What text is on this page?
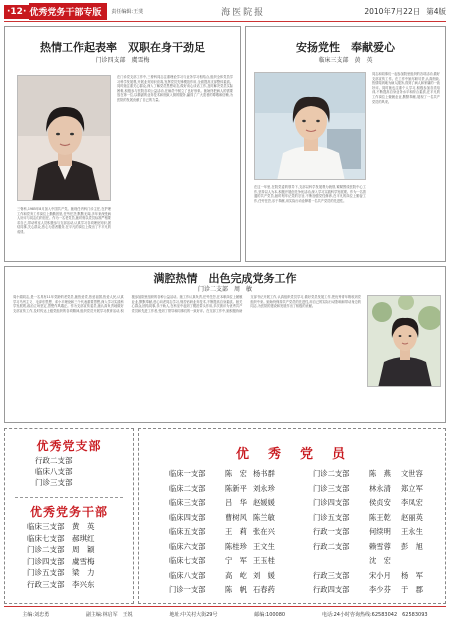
·12· 优秀党务干部专版	责任编辑:王斐	海医院报	2010年7月22日 第4版
热情工作起表率　双职在身干劲足
门诊四支部　虞雪梅
三脊科,1985年8月加入中国共产党。她现任内科门诊主任,在护理工作和党务工作岗位上勤勤恳恳,任劳任怨,默默无闻,多年来深受病人好评与同志们的信任。作为一名老党员,她时刻以党员标准严格要求自己,带动科室人员积极参与支部活动,认真学习各项理论知识,团结同事,关心群众,热心为患者服务,在平凡的岗位上做出了不平凡的成绩。
在门诊党支部工作中,三脊科同志注重理论学习与业务学习相结合,组织全体党员学习科学发展观,开展业务知识竞赛,发挥党员先锋模范作用,全面提高支部整体素质。同时她注重关心群众,深入了解党员思想动态,做好谈心谈话工作,及时解决党员实际困难,积极参与医院各项公益活动,在病员中树立了良好形象。她始终把病人的需要放在第一位,以精湛的业务技术和细致入微的服务,赢得了广大患者的尊敬和信赖,为医院的发展贡献了自己的力量。
安扬党性　奉献爱心
临床三支部　黄　英
同志和同事们一起参加院里组织的各项活动,做好支部宣传工作。在工作中她尽职尽责,认真细致,热情周到地为病人服务,得到了病人和家属的一致好评。同时她也注重个人学习,积极参加各类培训,不断提高自身业务水平和综合素质,在平凡的工作岗位上兢兢业业,默默奉献,展现了一名共产党员的风采。
在这一年里,在院党委的领导下,支部以科学发展观为统领,紧紧围绕医院中心工作,坚持以人为本,积极开展创先争优活动,深入学习实践科学发展观。作为一名普通的共产党员,她时刻牢记党的宗旨,不断加强党性修养,在平凡的岗位上勤奋工作,任劳任怨,乐于奉献,用实际行动诠释着一名共产党员的先进性。
满腔热情　出色完成党务工作
门诊二支部　周　敏
周小娟同志,是一名具有11年党龄的老党员,她热爱党,热爱祖国,热爱人民,认真学习马列主义、毛泽东思想、邓小平理论和三个代表重要思想,深入学习实践科学发展观,政治立场坚定,思想作风端正。作为支部宣传委员,她认真负责地做好支部宣传工作,及时传达上级党组织的各项精神,组织党员开展学习教育活动,积极参加院里组织的各种公益活动。她工作认真负责,任劳任怨,在本职岗位上兢兢业业,默默奉献,虚心向老同志学习,刻苦钻研业务技术,不断提高自身素质。她关心群众,团结同事,乐于助人,在科室中起到了模范带头作用,多次被评为优秀共产党员和先进工作者,受到了领导和同事们的一致好评。在支部工作中,她积极协助支部书记开展工作,认真组织党员学习,做好党员发展工作,把优秀青年吸收到党组织中来。她始终保持共产党员的先进性,用自己的实际行动影响和带动身边的同志,为医院的建设和发展作出了积极的贡献。
优秀党支部
行政二支部
临床八支部
门诊三支部
优秀党务干部
临床三支部　黄　英
临床七支部　郝琪红
门诊二支部　周　颖
门诊四支部　虞雪梅
门诊五支部　梁　力
行政三支部　李兴东
优　秀　党　员
临床一支部	陈　宏 杨书群	门诊二支部	陈　燕 文世容
临床二支部	陈新平 刘永珍	门诊三支部	林永清 郑立军
临床三支部	吕　华 赵媛媛	门诊四支部	侯贞安 李凤宏
临床四支部	曹树风 陈兰敏	门诊五支部	陈王乾 赵丽英
临床五支部	王　莉 张在兴	行政一支部	何续明 王永生
临床六支部	陈桂珍 王文生	行政二支部	赖雪蓉 彭　旭
临床七支部	宁　军 王玉桂	沈　宏
临床八支部	高　屹 刘　媛	行政三支部	宋小月 杨　军
门诊一支部	陈　帆 石春药	行政四支部	李少芬 于　郡
主编:刘忠勇	副主编:林启军　王锐	地址:中关村大街29号	邮编:100080	电话:24小时咨询热线:62583042　62583093
